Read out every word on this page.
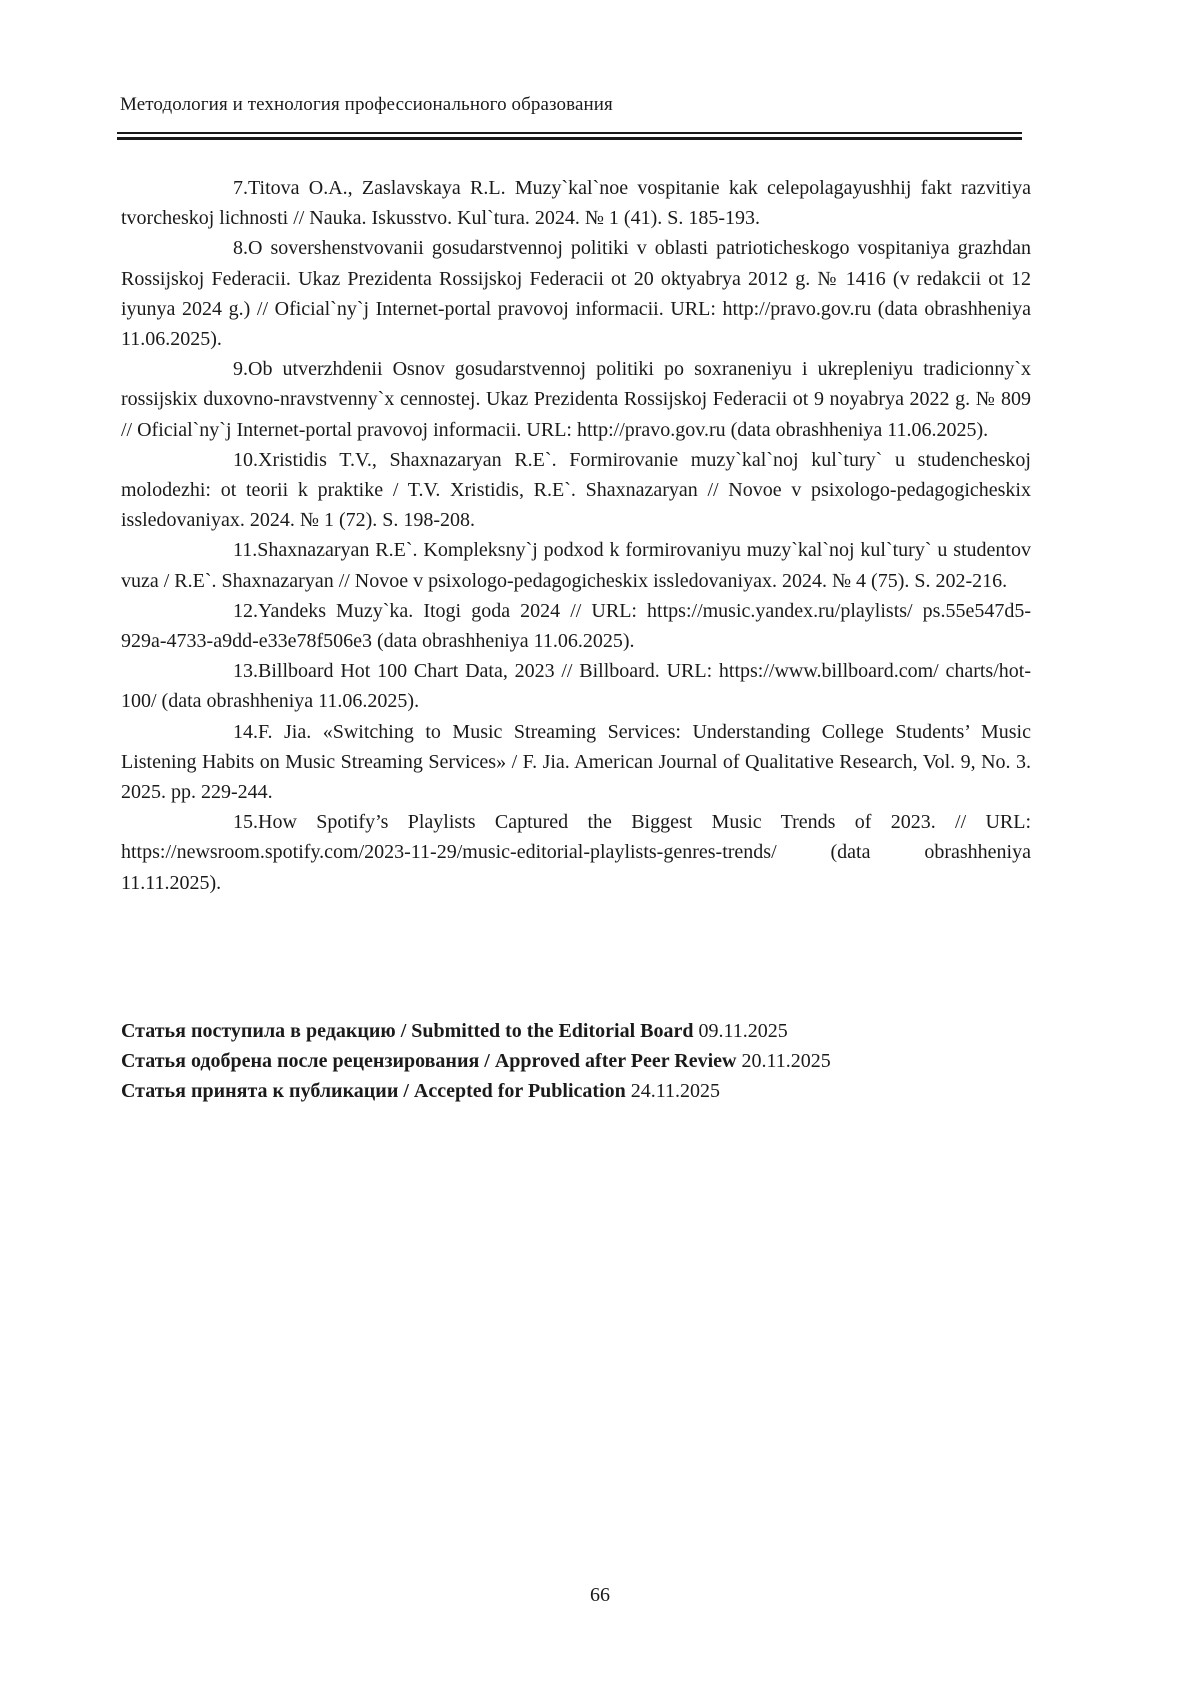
Методология и технология профессионального образования

7.Titova O.A., Zaslavskaya R.L. Muzy`kal`noe vospitanie kak celepolagayushhij fakt razvitiya tvorcheskoj lichnosti // Nauka. Iskusstvo. Kul`tura. 2024. № 1 (41). S. 185-193.

8.O sovershenstvovanii gosudarstvennoj politiki v oblasti patrioticheskogo vospitaniya grazhdan Rossijskoj Federacii. Ukaz Prezidenta Rossijskoj Federacii ot 20 oktyabrya 2012 g. № 1416 (v redakcii ot 12 iyunya 2024 g.) // Oficial`ny`j Internet-portal pravovoj informacii. URL: http://pravo.gov.ru (data obrashheniya 11.06.2025).

9.Ob utverzhdenii Osnov gosudarstvennoj politiki po soxraneniyu i ukrepleniyu tradicionny`x rossijskix duxovno-nravstvenny`x cennostej. Ukaz Prezidenta Rossijskoj Federacii ot 9 noyabrya 2022 g. № 809 // Oficial`ny`j Internet-portal pravovoj informacii. URL: http://pravo.gov.ru (data obrashheniya 11.06.2025).

10.Xristidis T.V., Shaxnazaryan R.E`. Formirovanie muzy`kal`noj kul`tury` u studencheskoj molodezhi: ot teorii k praktike / T.V. Xristidis, R.E`. Shaxnazaryan // Novoe v psixologo-pedagogicheskix issledovaniyax. 2024. № 1 (72). S. 198-208.

11.Shaxnazaryan R.E`. Kompleksny`j podxod k formirovaniyu muzy`kal`noj kul`tury` u studentov vuza / R.E`. Shaxnazaryan // Novoe v psixologo-pedagogicheskix issledovaniyax. 2024. № 4 (75). S. 202-216.

12.Yandeks Muzy`ka. Itogi goda 2024 // URL: https://music.yandex.ru/playlists/ ps.55e547d5-929a-4733-a9dd-e33e78f506e3 (data obrashheniya 11.06.2025).

13.Billboard Hot 100 Chart Data, 2023 // Billboard. URL: https://www.billboard.com/ charts/hot-100/ (data obrashheniya 11.06.2025).

14.F. Jia. «Switching to Music Streaming Services: Understanding College Students’ Music Listening Habits on Music Streaming Services» / F. Jia. American Journal of Qualitative Research, Vol. 9, No. 3. 2025. pp. 229-244.

15.How Spotify’s Playlists Captured the Biggest Music Trends of 2023. // URL: https://newsroom.spotify.com/2023-11-29/music-editorial-playlists-genres-trends/ (data obrashheniya 11.11.2025).

Статья поступила в редакцию / Submitted to the Editorial Board 09.11.2025

Статья одобрена после рецензирования / Approved after Peer Review 20.11.2025

Статья принята к публикации / Accepted for Publication 24.11.2025

66
